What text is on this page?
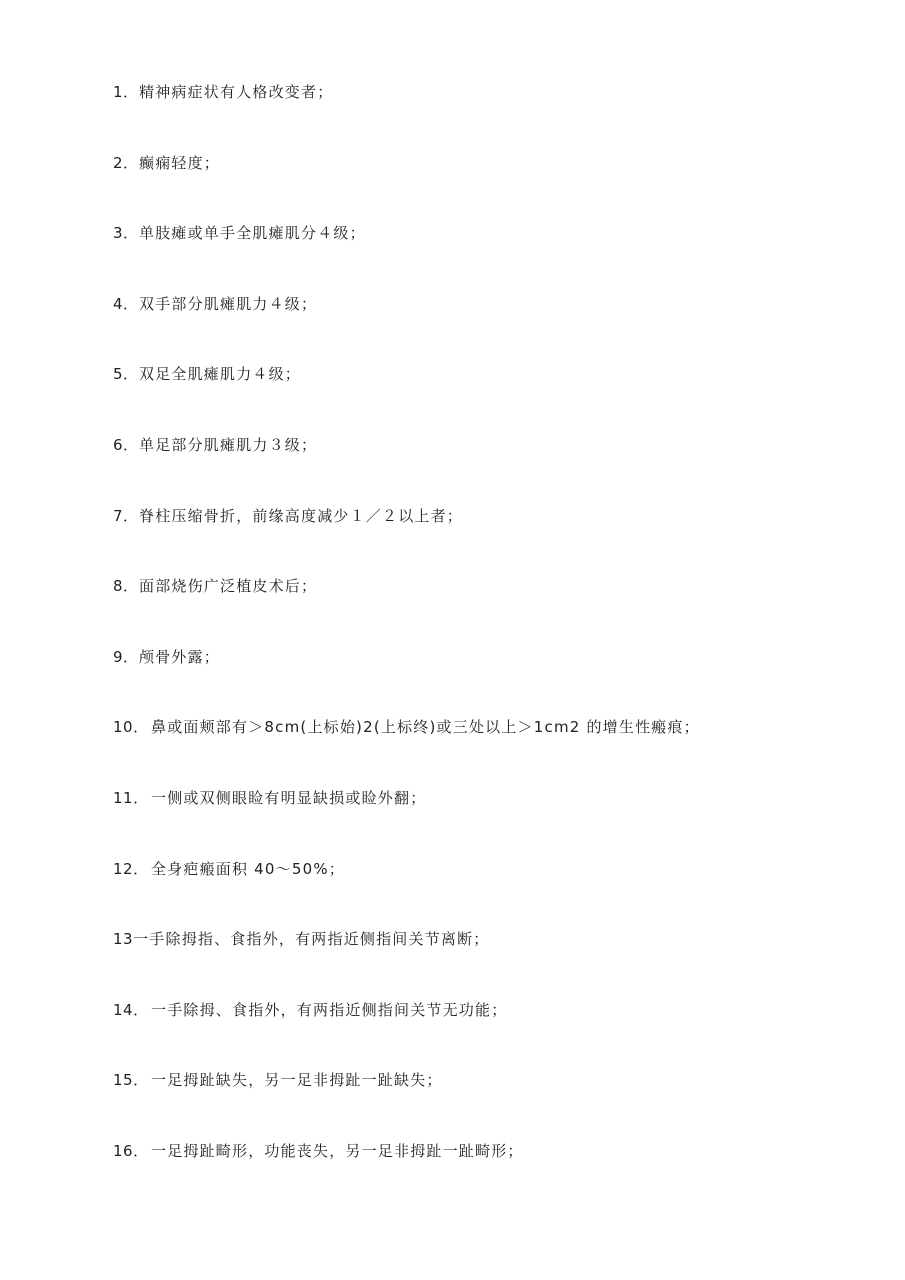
1．精神病症状有人格改变者；
2．癫痫轻度；
3．单肢瘫或单手全肌瘫肌分４级；
4．双手部分肌瘫肌力４级；
5．双足全肌瘫肌力４级；
6．单足部分肌瘫肌力３级；
7．脊柱压缩骨折，前缘高度减少１／２以上者；
8．面部烧伤广泛植皮术后；
9．颅骨外露；
10． 鼻或面颊部有＞8cm(上标始)2(上标终)或三处以上＞1cm2 的增生性瘢痕；
11． 一侧或双侧眼睑有明显缺损或睑外翻；
12． 全身疤瘢面积 40～50%；
13一手除拇指、食指外，有两指近侧指间关节离断；
14． 一手除拇、食指外，有两指近侧指间关节无功能；
15． 一足拇趾缺失，另一足非拇趾一趾缺失；
16． 一足拇趾畸形，功能丧失，另一足非拇趾一趾畸形；
